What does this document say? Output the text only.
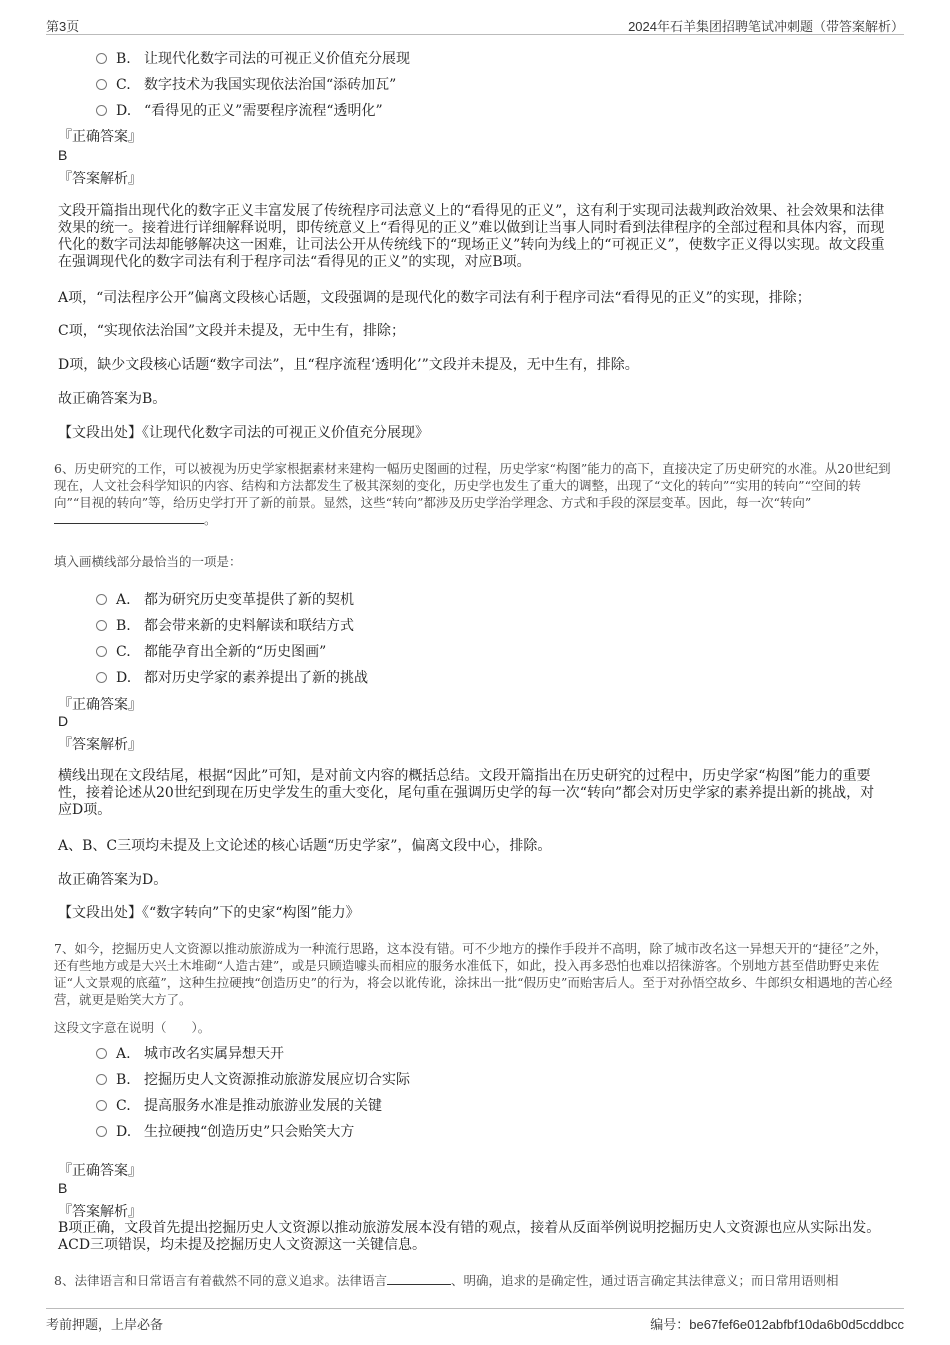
第3页	2024年石羊集团招聘笔试冲刺题（带答案解析）
B. 让现代化数字司法的可视正义价值充分展现
C. 数字技术为我国实现依法治国“添砖加瓦”
D. “看得见的正义”需要程序流程“透明化”
『正确答案』
B
『答案解析』

文段开篇指出现代化的数字正义丰富发展了传统程序司法意义上的“看得见的正义”，这有利于实现司法裁判政治效果、社会效果和法律效果的统一。接着进行详细解释说明，即传统意义上“看得见的正义”难以做到让当事人同时看到法律程序的全部过程和具体内容，而现代化的数字司法却能够解决这一困难，让司法公开从传统线下的“现场正义”转向为线上的“可视正义”，使数字正义得以实现。故文段重在强调现代化的数字司法有利于程序司法“看得见的正义”的实现，对应B项。

A项，“司法程序公开”偏离文段核心话题，文段强调的是现代化的数字司法有利于程序司法“看得见的正义”的实现，排除；

C项，“实现依法治国”文段并未提及，无中生有，排除；

D项，缺少文段核心话题“数字司法”，且“程序流程‘透明化’”文段并未提及，无中生有，排除。

故正确答案为B。

【文段出处】《让现代化数字司法的可视正义价值充分展现》

6、历史研究的工作，可以被视为历史学家根据素材来建构一幅历史图画的过程，历史学家“构图”能力的高下，直接决定了历史研究的水准。从20世纪到现在，人文社会科学知识的内容、结构和方法都发生了极其深刻的变化，历史学也发生了重大的调整，出现了“文化的转向”“实用的转向”“空间的转向”“目视的转向”等，给历史学打开了新的前景。显然，这些“转向”都涉及历史学治学理念、方式和手段的深层变革。因此，每一次“转向”。

填入画横线部分最恰当的一项是：

A. 都为研究历史变革提供了新的契机
B. 都会带来新的史料解读和联结方式
C. 都能孕育出全新的“历史图画”
D. 都对历史学家的素养提出了新的挑战
『正确答案』
D
『答案解析』

横线出现在文段结尾，根据“因此”可知，是对前文内容的概括总结。文段开篇指出在历史研究的过程中，历史学家“构图”能力的重要性，接着论述从20世纪到现在历史学发生的重大变化，尾句重在强调历史学的每一次“转向”都会对历史学家的素养提出新的挑战，对应D项。

A、B、C三项均未提及上文论述的核心话题“历史学家”，偏离文段中心，排除。

故正确答案为D。

【文段出处】《“数字转向”下的史家“构图”能力》

7、如今，挖掘历史人文资源以推动旅游成为一种流行思路，这本没有错。可不少地方的操作手段并不高明，除了城市改名这一异想天开的“捷径”之外，还有些地方或是大兴土木堆砌“人造古建”，或是只顾造噱头而相应的服务水准低下，如此，投入再多恐怕也难以招徕游客。个别地方甚至借助野史来佐证“人文景观的底蕴”，这种生拉硬拽“创造历史”的行为，将会以讹传讹，涂抹出一批“假历史”而贻害后人。至于对孙悟空故乡、牛郎织女相遇地的苦心经营，就更是贻笑大方了。

这段文字意在说明（　　）。

A. 城市改名实属异想天开
B. 挖掘历史人文资源推动旅游发展应切合实际
C. 提高服务水准是推动旅游业发展的关键
D. 生拉硬拽“创造历史”只会贻笑大方
『正确答案』
B
『答案解析』

B项正确，文段首先提出挖掘历史人文资源以推动旅游发展本没有错的观点，接着从反面举例说明挖掘历史人文资源也应从实际出发。ACD三项错误，均未提及挖掘历史人文资源这一关键信息。

8、法律语言和日常语言有着截然不同的意义追求。法律语言	、明确，追求的是确定性，通过语言确定其法律意义；而日常用语则相

考前押题，上岸必备	编号：be67fef6e012abfbf10da6b0d5cddbcc
